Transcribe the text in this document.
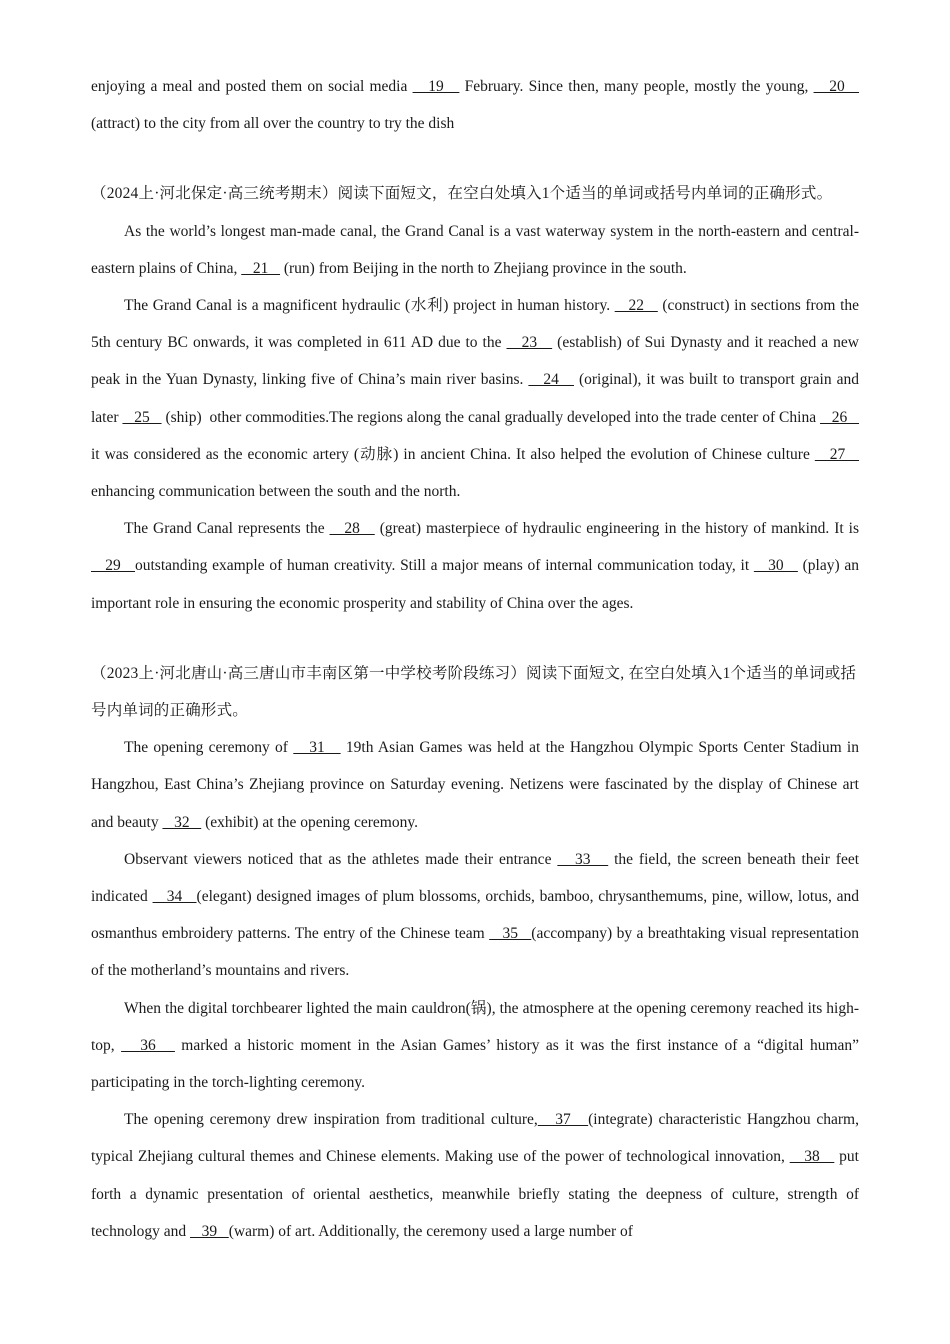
enjoying a meal and posted them on social media    19    February. Since then, many people, mostly the young,    20    (attract) to the city from all over the country to try the dish

（2024上·河北保定·高三统考期末）阅读下面短文，在空白处填入1个适当的单词或括号内单词的正确形式。

As the world’s longest man-made canal, the Grand Canal is a vast waterway system in the north-eastern and central-eastern plains of China,    21    (run) from Beijing in the north to Zhejiang province in the south.

The Grand Canal is a magnificent hydraulic (水利) project in human history.    22    (construct) in sections from the 5th century BC onwards, it was completed in 611 AD due to the    23    (establish) of Sui Dynasty and it reached a new peak in the Yuan Dynasty, linking five of China’s main river basins.    24    (original), it was built to transport grain and later    25    (ship)  other commodities.The regions along the canal gradually developed into the trade center of China    26    it was considered as the economic artery (动脉) in ancient China. It also helped the evolution of Chinese culture    27    enhancing communication between the south and the north.

The Grand Canal represents the    28    (great) masterpiece of hydraulic engineering in the history of mankind. It is    29   outstanding example of human creativity. Still a major means of internal communication today, it    30    (play) an important role in ensuring the economic prosperity and stability of China over the ages.

（2023上·河北唐山·高三唐山市丰南区第一中学校考阶段练习）阅读下面短文, 在空白处填入1个适当的单词或括号内单词的正确形式。

The opening ceremony of    31    19th Asian Games was held at the Hangzhou Olympic Sports Center Stadium in Hangzhou, East China’s Zhejiang province on Saturday evening. Netizens were fascinated by the display of Chinese art and beauty    32    (exhibit) at the opening ceremony.

Observant viewers noticed that as the athletes made their entrance    33    the field, the screen beneath their feet indicated    34   (elegant) designed images of plum blossoms, orchids, bamboo, chrysanthemums, pine, willow, lotus, and osmanthus embroidery patterns. The entry of the Chinese team    35   (accompany) by a breathtaking visual representation of the motherland’s mountains and rivers.

When the digital torchbearer lighted the main cauldron(锅), the atmosphere at the opening ceremony reached its high-top,    36    marked a historic moment in the Asian Games’ history as it was the first instance of a “digital human” participating in the torch-lighting ceremony.

The opening ceremony drew inspiration from traditional culture,   37   (integrate) characteristic Hangzhou charm, typical Zhejiang cultural themes and Chinese elements. Making use of the power of technological innovation,    38    put forth a dynamic presentation of oriental aesthetics, meanwhile briefly stating the deepness of culture, strength of technology and    39   (warm) of art. Additionally, the ceremony used a large number of
